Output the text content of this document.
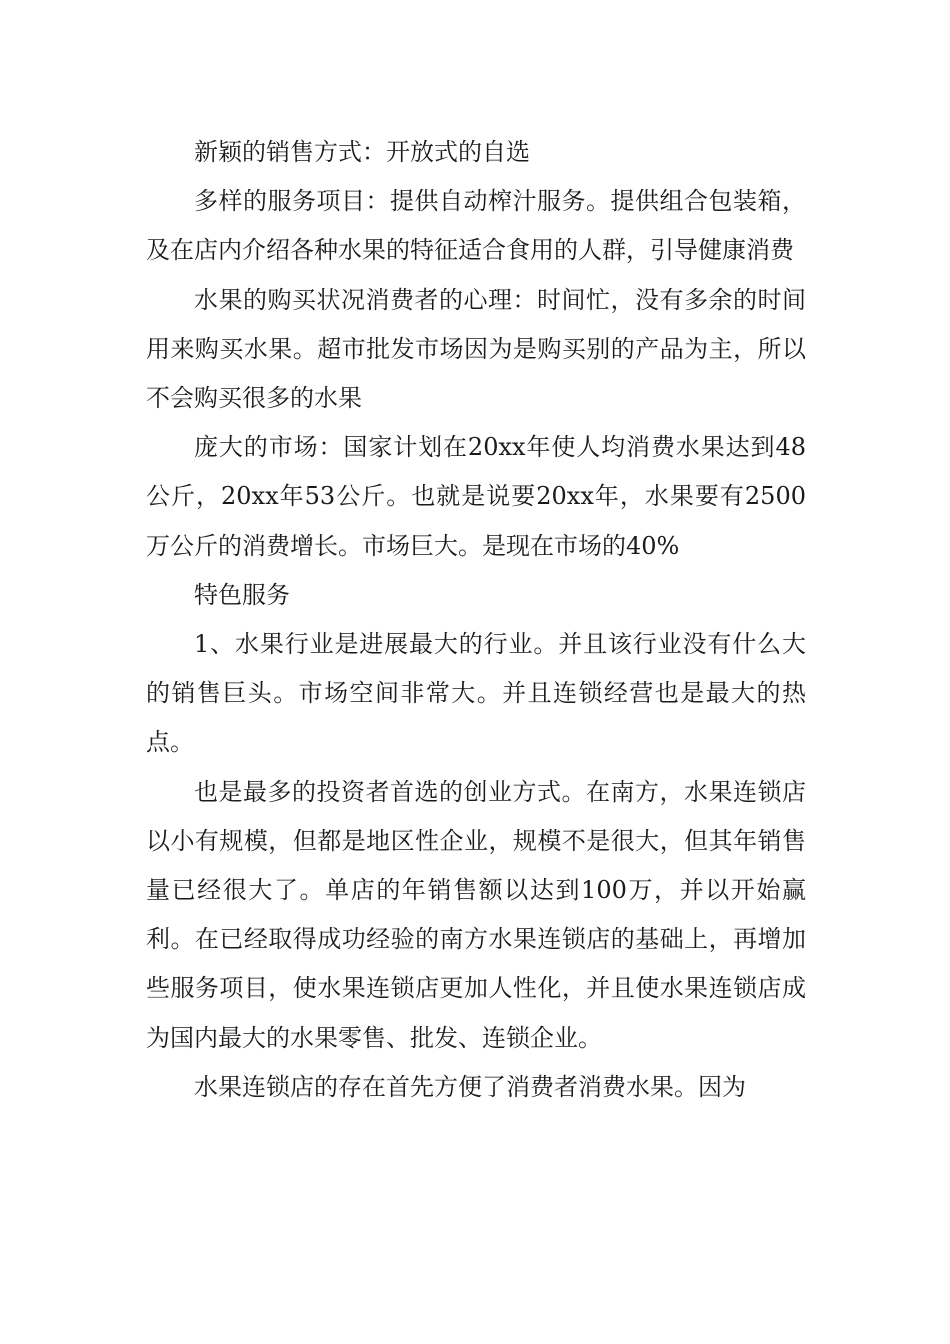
新颖的销售方式：开放式的自选

多样的服务项目：提供自动榨汁服务。提供组合包装箱，及在店内介绍各种水果的特征适合食用的人群，引导健康消费

水果的购买状况消费者的心理：时间忙，没有多余的时间用来购买水果。超市批发市场因为是购买别的产品为主，所以不会购买很多的水果

庞大的市场：国家计划在20xx年使人均消费水果达到48公斤，20xx年53公斤。也就是说要20xx年，水果要有2500万公斤的消费增长。市场巨大。是现在市场的40%

特色服务

1、水果行业是进展最大的行业。并且该行业没有什么大的销售巨头。市场空间非常大。并且连锁经营也是最大的热点。

也是最多的投资者首选的创业方式。在南方，水果连锁店以小有规模，但都是地区性企业，规模不是很大，但其年销售量已经很大了。单店的年销售额以达到100万，并以开始赢利。在已经取得成功经验的南方水果连锁店的基础上，再增加些服务项目，使水果连锁店更加人性化，并且使水果连锁店成为国内最大的水果零售、批发、连锁企业。

水果连锁店的存在首先方便了消费者消费水果。因为
